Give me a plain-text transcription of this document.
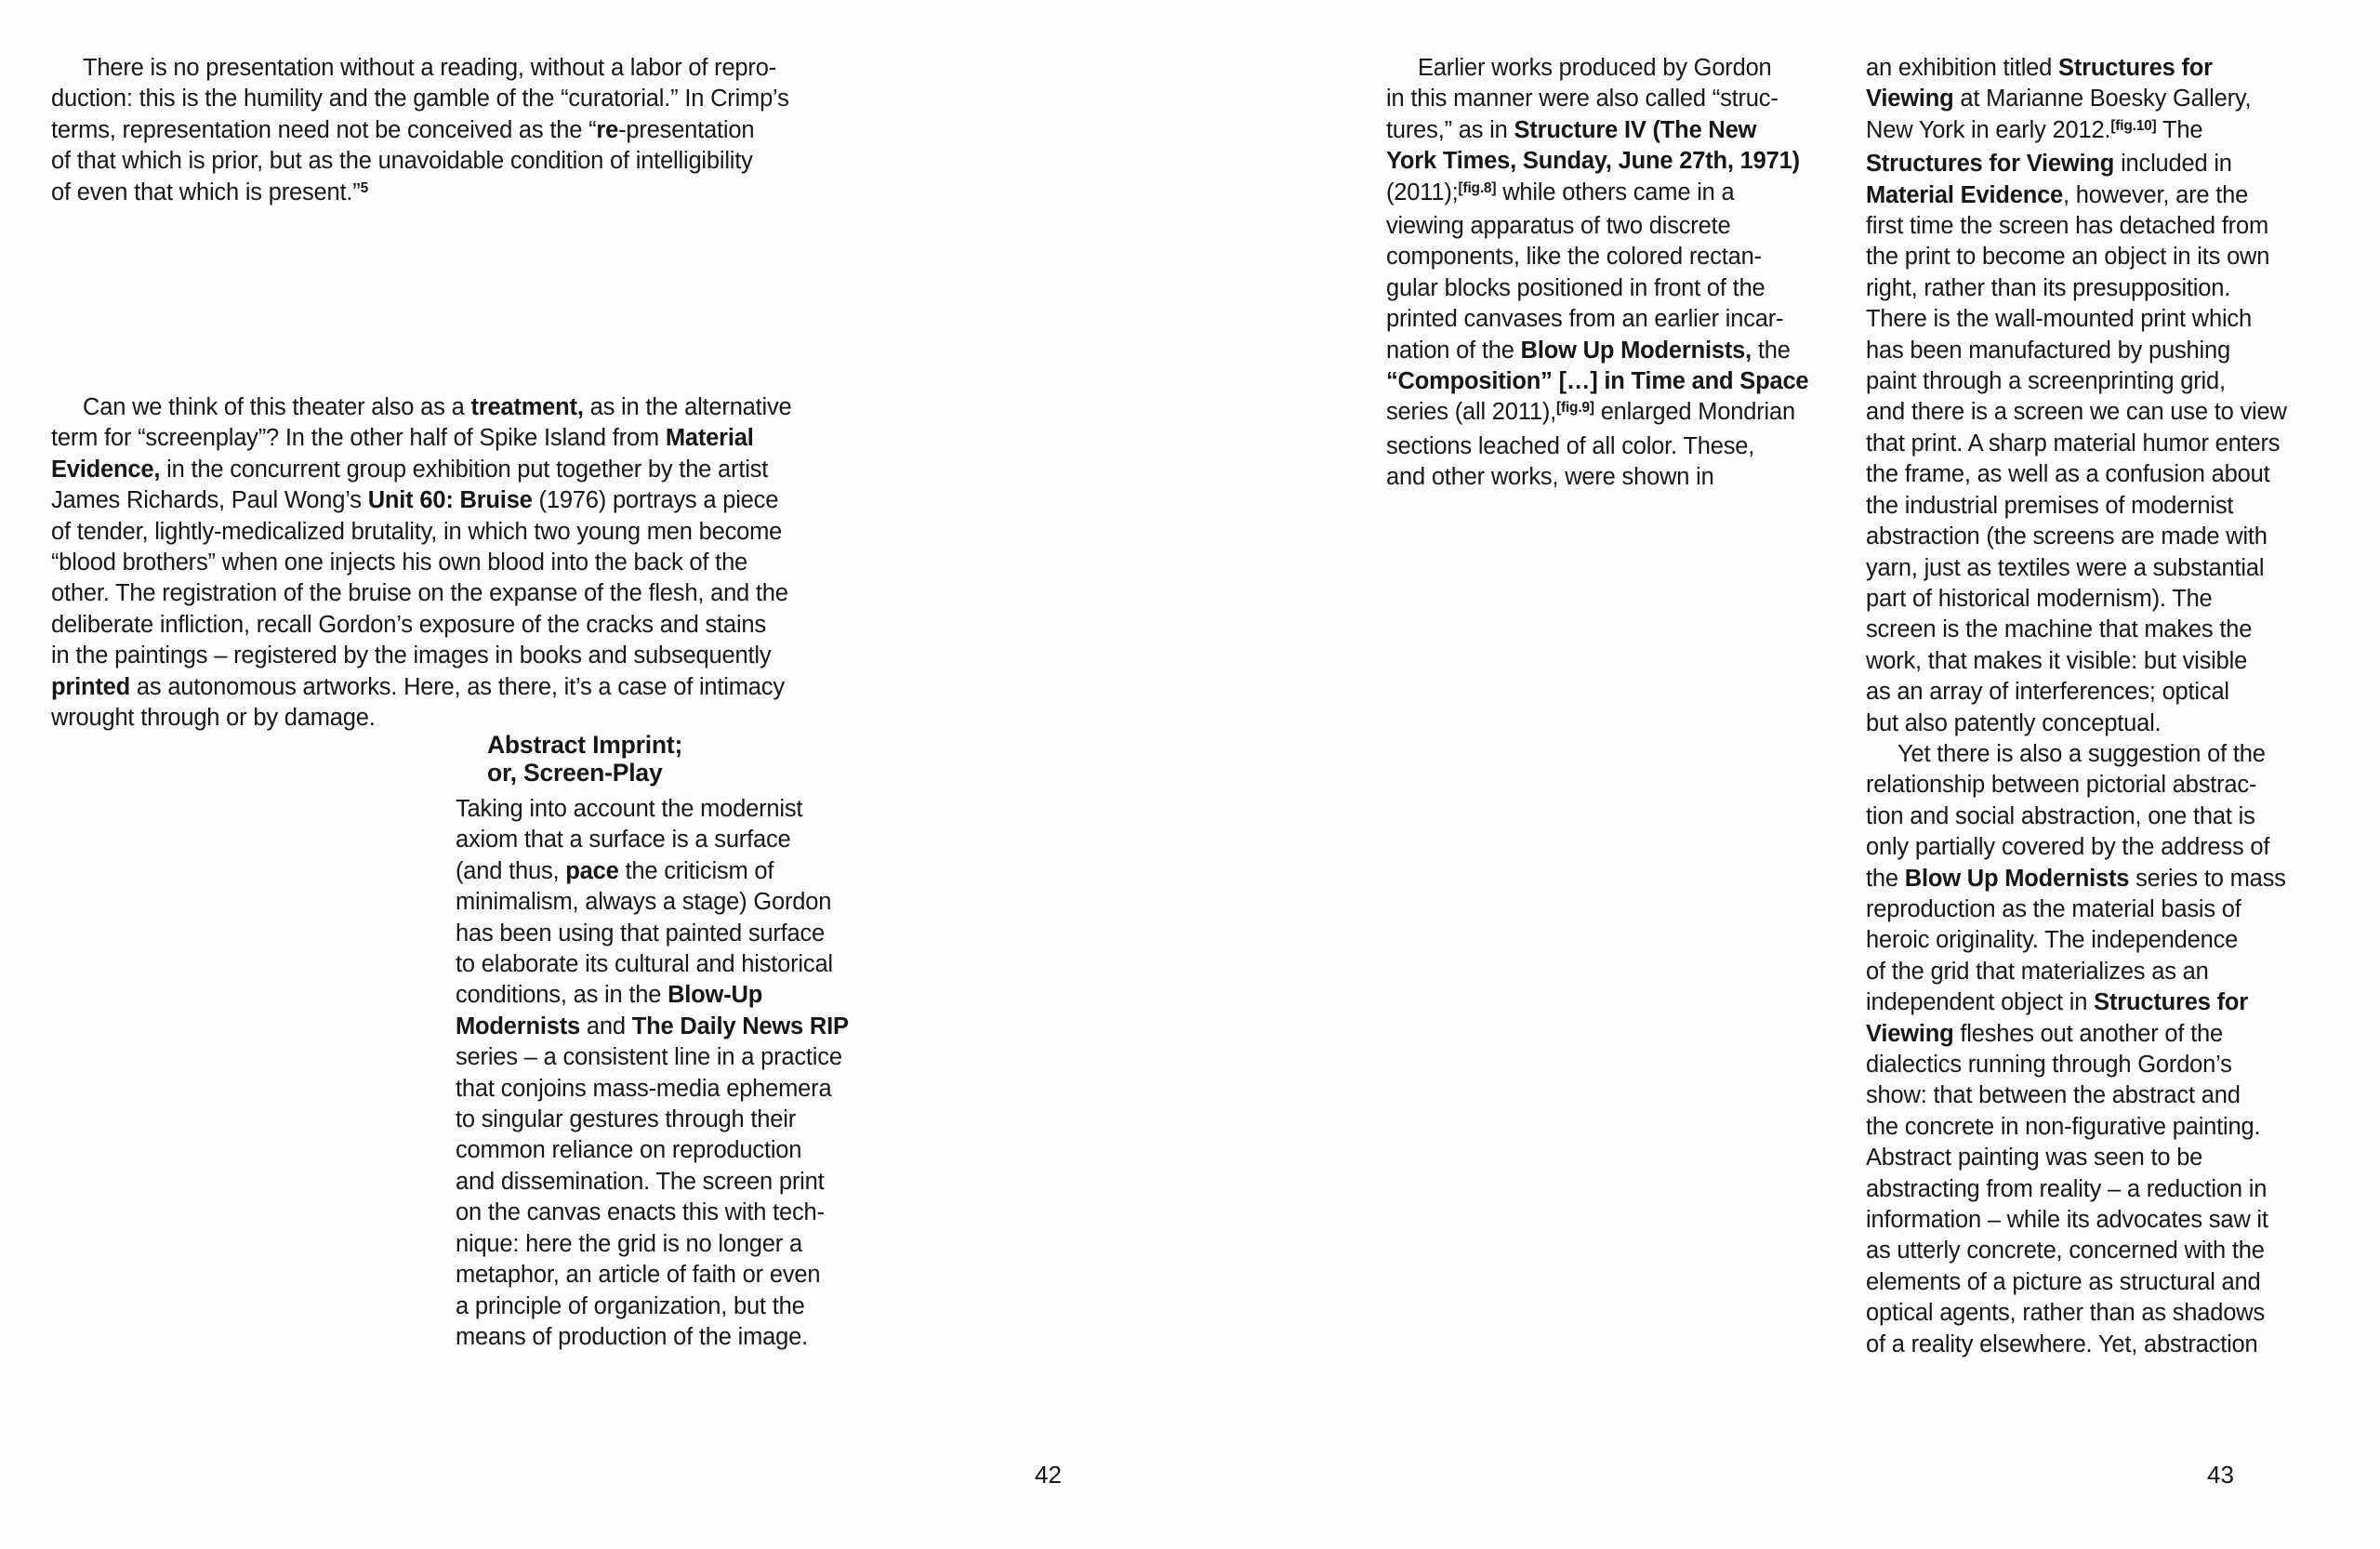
There is no presentation without a reading, without a labor of repro-
duction: this is the humility and the gamble of the “curatorial.” In Crimp’s
terms, representation need not be conceived as the “re-presentation
of that which is prior, but as the unavoidable condition of intelligibility
of even that which is present.”$^5$
Can we think of this theater also as a treatment, as in the alternative
term for “screenplay”? In the other half of Spike Island from Material
Evidence, in the concurrent group exhibition put together by the artist
James Richards, Paul Wong’s Unit 60: Bruise (1976) portrays a piece
of tender, lightly-medicalized brutality, in which two young men become
“blood brothers” when one injects his own blood into the back of the
other. The registration of the bruise on the expanse of the flesh, and the
deliberate infliction, recall Gordon’s exposure of the cracks and stains
in the paintings – registered by the images in books and subsequently
printed as autonomous artworks. Here, as there, it’s a case of intimacy
wrought through or by damage.
Abstract Imprint;
or, Screen-Play
Taking into account the modernist
axiom that a surface is a surface
(and thus, pace the criticism of
minimalism, always a stage) Gordon
has been using that painted surface
to elaborate its cultural and historical
conditions, as in the Blow-Up
Modernists and The Daily News RIP
series – a consistent line in a practice
that conjoins mass-media ephemera
to singular gestures through their
common reliance on reproduction
and dissemination. The screen print
on the canvas enacts this with tech-
nique: here the grid is no longer a
metaphor, an article of faith or even
a principle of organization, but the
means of production of the image.
42
Earlier works produced by Gordon
in this manner were also called “struc-
tures,” as in Structure IV (The New
York Times, Sunday, June 27th, 1971)
(2011);[fig.8] while others came in a
viewing apparatus of two discrete
components, like the colored rectan-
gular blocks positioned in front of the
printed canvases from an earlier incar-
nation of the Blow Up Modernists, the
“Composition” […] in Time and Space
series (all 2011),[fig.9] enlarged Mondrian
sections leached of all color. These,
and other works, were shown in
an exhibition titled Structures for
Viewing at Marianne Boesky Gallery,
New York in early 2012.[fig.10] The
Structures for Viewing included in
Material Evidence, however, are the
first time the screen has detached from
the print to become an object in its own
right, rather than its presupposition.
There is the wall-mounted print which
has been manufactured by pushing
paint through a screenprinting grid,
and there is a screen we can use to view
that print. A sharp material humor enters
the frame, as well as a confusion about
the industrial premises of modernist
abstraction (the screens are made with
yarn, just as textiles were a substantial
part of historical modernism). The
screen is the machine that makes the
work, that makes it visible: but visible
as an array of interferences; optical
but also patently conceptual.
Yet there is also a suggestion of the
relationship between pictorial abstrac-
tion and social abstraction, one that is
only partially covered by the address of
the Blow Up Modernists series to mass
reproduction as the material basis of
heroic originality. The independence
of the grid that materializes as an
independent object in Structures for
Viewing fleshes out another of the
dialectics running through Gordon’s
show: that between the abstract and
the concrete in non-figurative painting.
Abstract painting was seen to be
abstracting from reality – a reduction in
information – while its advocates saw it
as utterly concrete, concerned with the
elements of a picture as structural and
optical agents, rather than as shadows
of a reality elsewhere. Yet, abstraction
43
